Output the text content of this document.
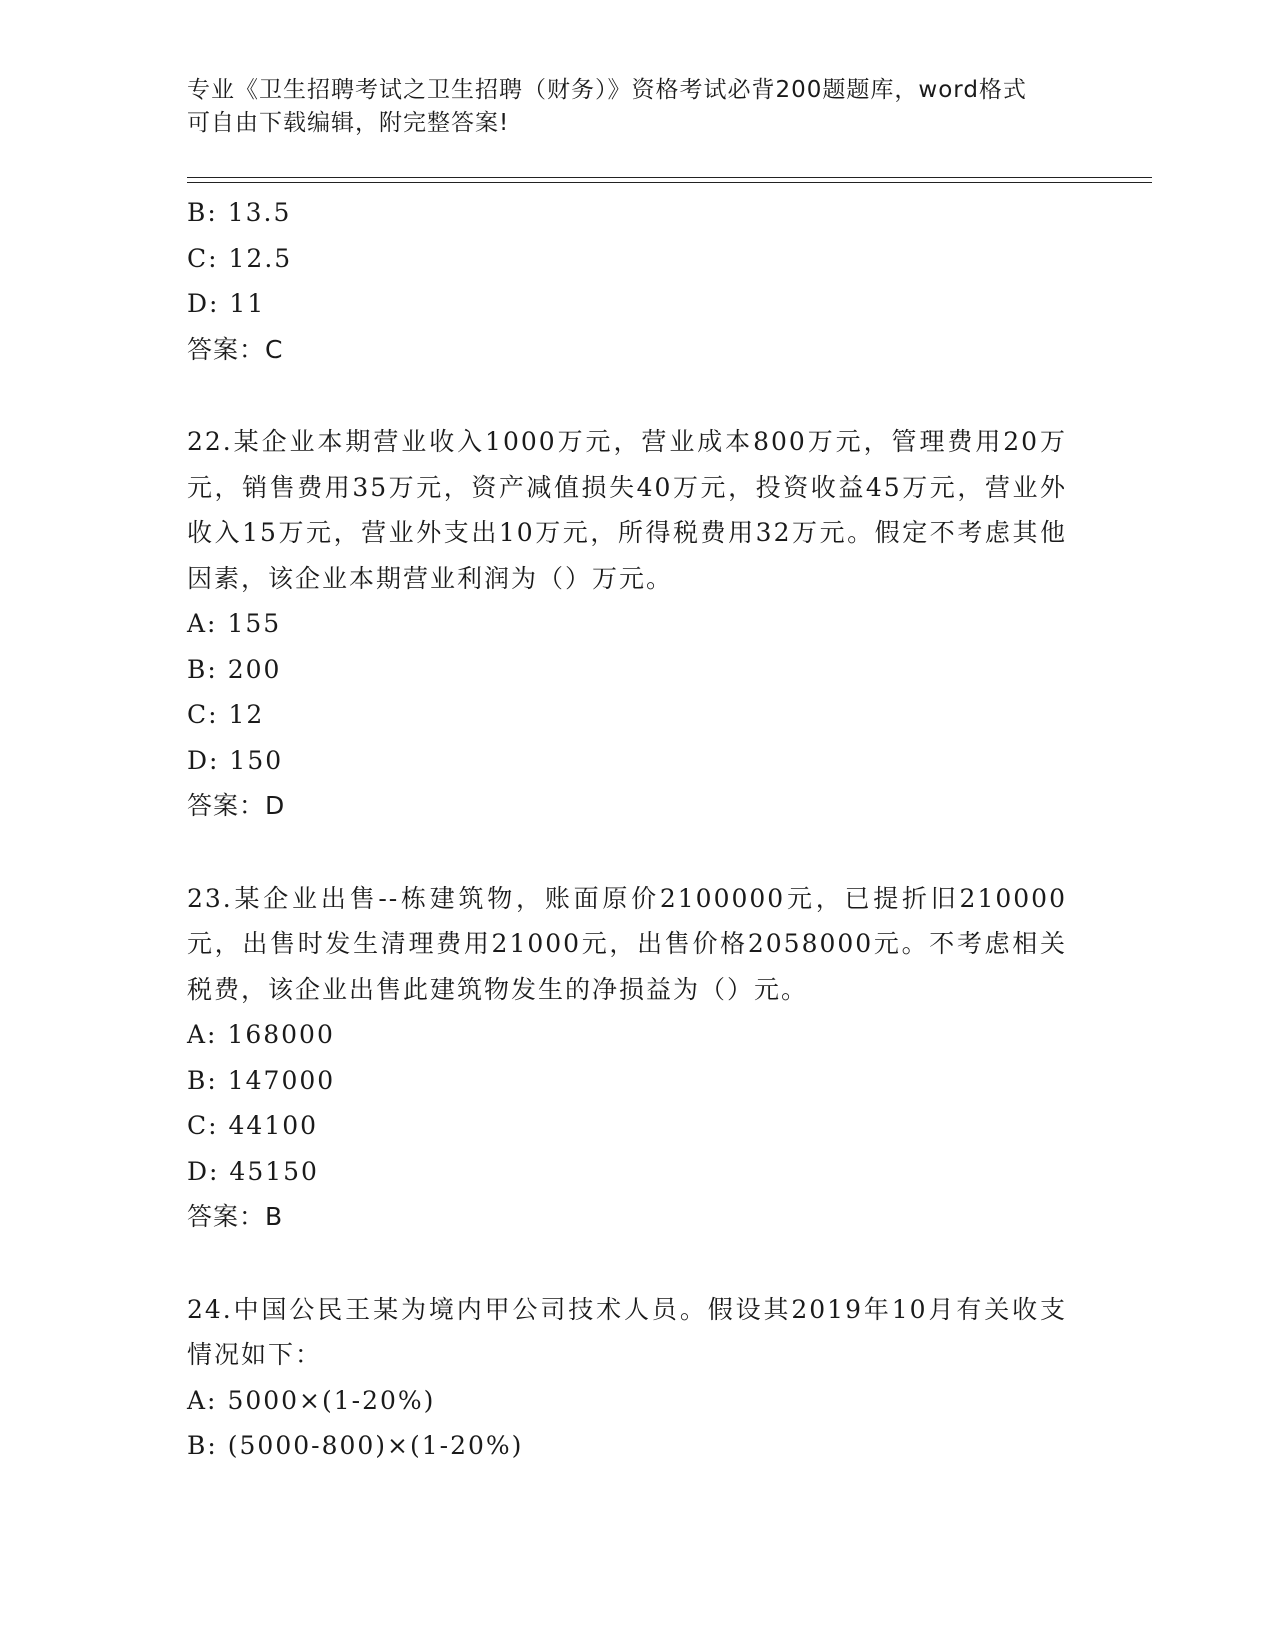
专业《卫生招聘考试之卫生招聘（财务）》资格考试必背200题题库，word格式
可自由下载编辑，附完整答案!
B: 13.5
C: 12.5
D: 11
答案：C
22.某企业本期营业收入1000万元，营业成本800万元，管理费用20万元，销售费用35万元，资产减值损失40万元，投资收益45万元，营业外收入15万元，营业外支出10万元，所得税费用32万元。假定不考虑其他因素，该企业本期营业利润为（）万元。
A: 155
B: 200
C: 12
D: 150
答案：D
23.某企业出售--栋建筑物，账面原价2100000元，已提折旧210000元，出售时发生清理费用21000元，出售价格2058000元。不考虑相关税费，该企业出售此建筑物发生的净损益为（）元。
A: 168000
B: 147000
C: 44100
D: 45150
答案：B
24.中国公民王某为境内甲公司技术人员。假设其2019年10月有关收支情况如下：
A: 5000×(1-20%)
B: (5000-800)×(1-20%)
